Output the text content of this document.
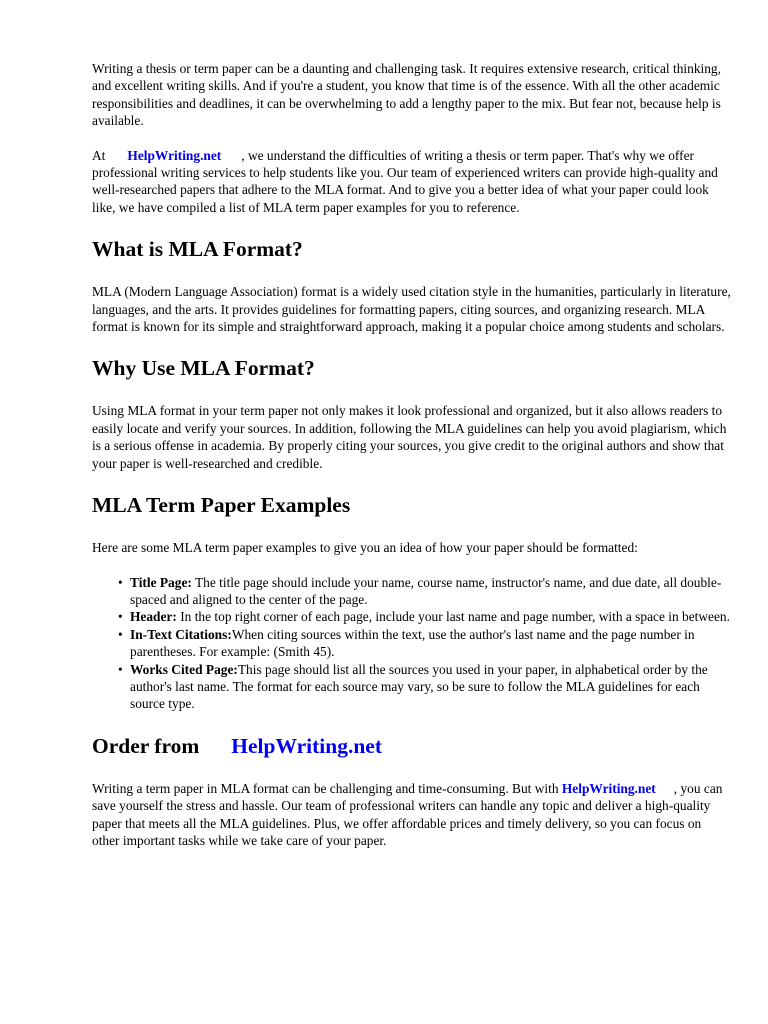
Writing a thesis or term paper can be a daunting and challenging task. It requires extensive research, critical thinking, and excellent writing skills. And if you're a student, you know that time is of the essence. With all the other academic responsibilities and deadlines, it can be overwhelming to add a lengthy paper to the mix. But fear not, because help is available.

At HelpWriting.net , we understand the difficulties of writing a thesis or term paper. That's why we offer professional writing services to help students like you. Our team of experienced writers can provide high-quality and well-researched papers that adhere to the MLA format. And to give you a better idea of what your paper could look like, we have compiled a list of MLA term paper examples for you to reference.

What is MLA Format?

MLA (Modern Language Association) format is a widely used citation style in the humanities, particularly in literature, languages, and the arts. It provides guidelines for formatting papers, citing sources, and organizing research. MLA format is known for its simple and straightforward approach, making it a popular choice among students and scholars.

Why Use MLA Format?

Using MLA format in your term paper not only makes it look professional and organized, but it also allows readers to easily locate and verify your sources. In addition, following the MLA guidelines can help you avoid plagiarism, which is a serious offense in academia. By properly citing your sources, you give credit to the original authors and show that your paper is well-researched and credible.

MLA Term Paper Examples

Here are some MLA term paper examples to give you an idea of how your paper should be formatted:

• Title Page: The title page should include your name, course name, instructor's name, and due date, all double-spaced and aligned to the center of the page.
• Header: In the top right corner of each page, include your last name and page number, with a space in between.
• In-Text Citations:When citing sources within the text, use the author's last name and the page number in parentheses. For example: (Smith 45).
• Works Cited Page:This page should list all the sources you used in your paper, in alphabetical order by the author's last name. The format for each source may vary, so be sure to follow the MLA guidelines for each source type.
Order from HelpWriting.net

Writing a term paper in MLA format can be challenging and time-consuming. But with HelpWriting.net , you can save yourself the stress and hassle. Our team of professional writers can handle any topic and deliver a high-quality paper that meets all the MLA guidelines. Plus, we offer affordable prices and timely delivery, so you can focus on other important tasks while we take care of your paper.
